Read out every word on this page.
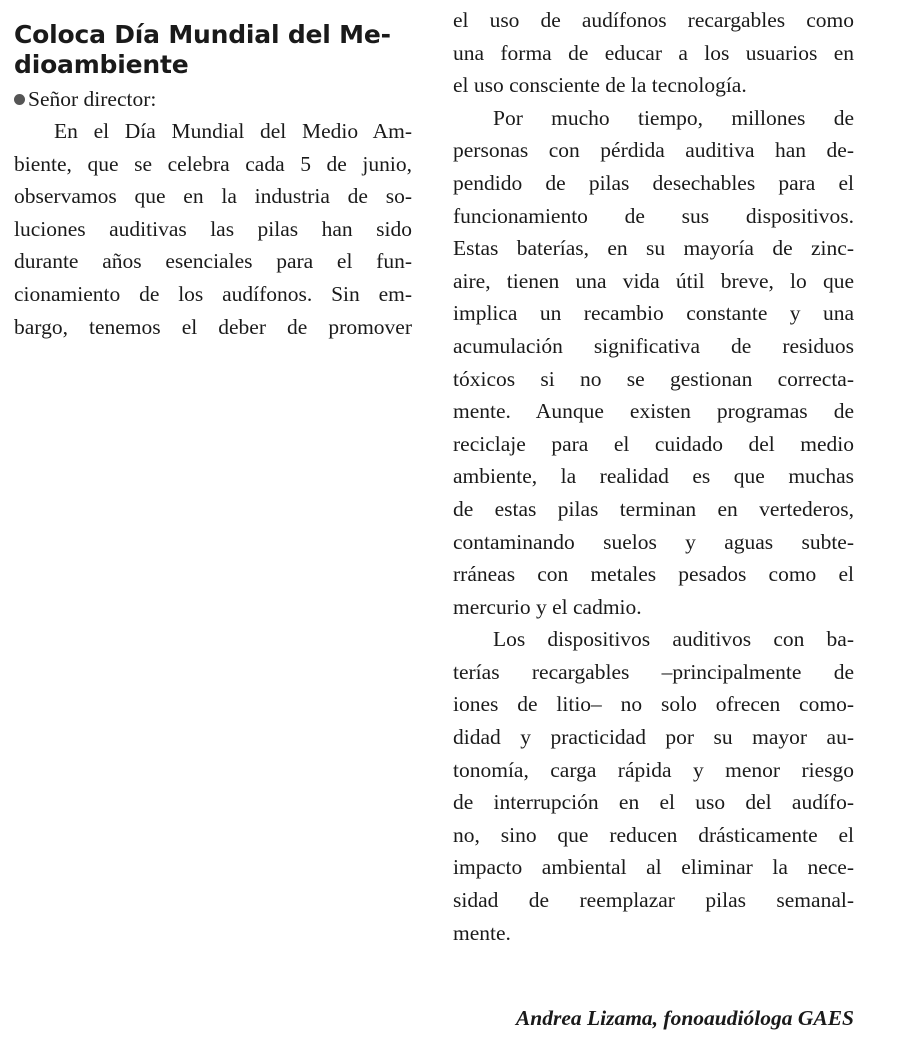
Coloca Día Mundial del Me-
dioambiente
Señor director:
En el Día Mundial del Medio Am-
biente, que se celebra cada 5 de junio,
observamos que en la industria de so-
luciones auditivas las pilas han sido
durante años esenciales para el fun-
cionamiento de los audífonos. Sin em-
bargo, tenemos el deber de promover
el uso de audífonos recargables como
una forma de educar a los usuarios en
el uso consciente de la tecnología.
Por mucho tiempo, millones de
personas con pérdida auditiva han de-
pendido de pilas desechables para el
funcionamiento de sus dispositivos.
Estas baterías, en su mayoría de zinc-
aire, tienen una vida útil breve, lo que
implica un recambio constante y una
acumulación significativa de residuos
tóxicos si no se gestionan correcta-
mente. Aunque existen programas de
reciclaje para el cuidado del medio
ambiente, la realidad es que muchas
de estas pilas terminan en vertederos,
contaminando suelos y aguas subte-
rráneas con metales pesados como el
mercurio y el cadmio.
Los dispositivos auditivos con ba-
terías recargables –principalmente de
iones de litio– no solo ofrecen como-
didad y practicidad por su mayor au-
tonomía, carga rápida y menor riesgo
de interrupción en el uso del audífo-
no, sino que reducen drásticamente el
impacto ambiental al eliminar la nece-
sidad de reemplazar pilas semanal-
mente.
Andrea Lizama, fonoaudióloga GAES
